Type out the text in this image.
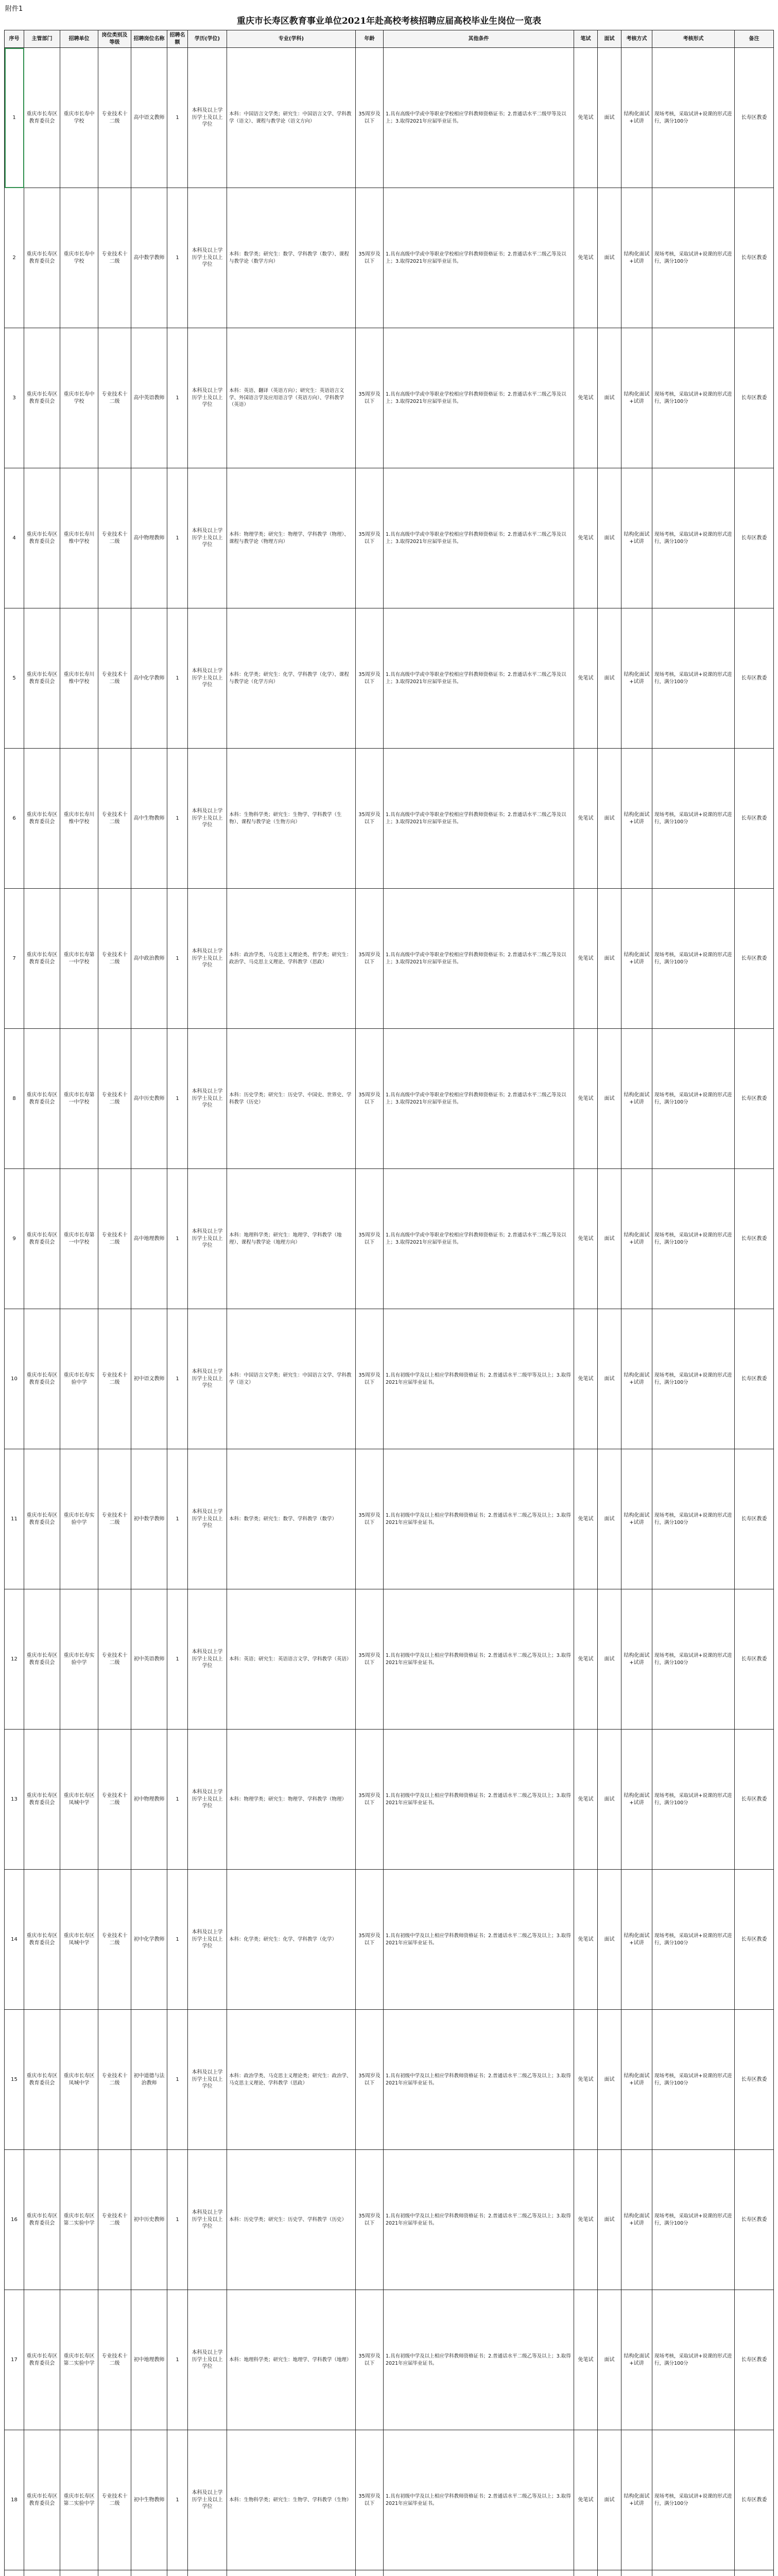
附件1
重庆市长寿区教育事业单位2021年赴高校考核招聘应届高校毕业生岗位一览表
序号	主管部门	招聘单位	岗位类别及等级	招聘岗位名称	招聘名额	学历(学位)	专业(学科)	年龄	其他条件	笔试	面试	考核方式	考核形式	备注
1	重庆市长寿区教育委员会	重庆市长寿中学校	专业技术十二级	高中语文教师	1	本科及以上学历学士及以上学位	本科：中国语言文学类；研究生：中国语言文学、学科教学（语文）、课程与教学论（语文方向）	35周岁及以下	1.具有高级中学或中等职业学校相应学科教师资格证书；2.普通话水平二级甲等及以上；3.取得2021年应届毕业证书。	免笔试	面试	结构化面试+试讲	现场考核，采取试讲+说课的形式进行，满分100分	长寿区教委
2	重庆市长寿区教育委员会	重庆市长寿中学校	专业技术十二级	高中数学教师	1	本科及以上学历学士及以上学位	本科：数学类；研究生：数学、学科教学（数学）、课程与教学论（数学方向）	35周岁及以下	1.具有高级中学或中等职业学校相应学科教师资格证书；2.普通话水平二级乙等及以上；3.取得2021年应届毕业证书。	免笔试	面试	结构化面试+试讲	现场考核，采取试讲+说课的形式进行，满分100分	长寿区教委
3	重庆市长寿区教育委员会	重庆市长寿中学校	专业技术十二级	高中英语教师	1	本科及以上学历学士及以上学位	本科：英语、翻译（英语方向）；研究生：英语语言文学、外国语言学及应用语言学（英语方向）、学科教学（英语）	35周岁及以下	1.具有高级中学或中等职业学校相应学科教师资格证书；2.普通话水平二级乙等及以上；3.取得2021年应届毕业证书。	免笔试	面试	结构化面试+试讲	现场考核，采取试讲+说课的形式进行，满分100分	长寿区教委
4	重庆市长寿区教育委员会	重庆市长寿川维中学校	专业技术十二级	高中物理教师	1	本科及以上学历学士及以上学位	本科：物理学类；研究生：物理学、学科教学（物理）、课程与教学论（物理方向）	35周岁及以下	1.具有高级中学或中等职业学校相应学科教师资格证书；2.普通话水平二级乙等及以上；3.取得2021年应届毕业证书。	免笔试	面试	结构化面试+试讲	现场考核，采取试讲+说课的形式进行，满分100分	长寿区教委
5	重庆市长寿区教育委员会	重庆市长寿川维中学校	专业技术十二级	高中化学教师	1	本科及以上学历学士及以上学位	本科：化学类；研究生：化学、学科教学（化学）、课程与教学论（化学方向）	35周岁及以下	1.具有高级中学或中等职业学校相应学科教师资格证书；2.普通话水平二级乙等及以上；3.取得2021年应届毕业证书。	免笔试	面试	结构化面试+试讲	现场考核，采取试讲+说课的形式进行，满分100分	长寿区教委
6	重庆市长寿区教育委员会	重庆市长寿川维中学校	专业技术十二级	高中生物教师	1	本科及以上学历学士及以上学位	本科：生物科学类；研究生：生物学、学科教学（生物）、课程与教学论（生物方向）	35周岁及以下	1.具有高级中学或中等职业学校相应学科教师资格证书；2.普通话水平二级乙等及以上；3.取得2021年应届毕业证书。	免笔试	面试	结构化面试+试讲	现场考核，采取试讲+说课的形式进行，满分100分	长寿区教委
7	重庆市长寿区教育委员会	重庆市长寿第一中学校	专业技术十二级	高中政治教师	1	本科及以上学历学士及以上学位	本科：政治学类、马克思主义理论类、哲学类；研究生：政治学、马克思主义理论、学科教学（思政）	35周岁及以下	1.具有高级中学或中等职业学校相应学科教师资格证书；2.普通话水平二级乙等及以上；3.取得2021年应届毕业证书。	免笔试	面试	结构化面试+试讲	现场考核，采取试讲+说课的形式进行，满分100分	长寿区教委
8	重庆市长寿区教育委员会	重庆市长寿第一中学校	专业技术十二级	高中历史教师	1	本科及以上学历学士及以上学位	本科：历史学类；研究生：历史学、中国史、世界史、学科教学（历史）	35周岁及以下	1.具有高级中学或中等职业学校相应学科教师资格证书；2.普通话水平二级乙等及以上；3.取得2021年应届毕业证书。	免笔试	面试	结构化面试+试讲	现场考核，采取试讲+说课的形式进行，满分100分	长寿区教委
9	重庆市长寿区教育委员会	重庆市长寿第一中学校	专业技术十二级	高中地理教师	1	本科及以上学历学士及以上学位	本科：地理科学类；研究生：地理学、学科教学（地理）、课程与教学论（地理方向）	35周岁及以下	1.具有高级中学或中等职业学校相应学科教师资格证书；2.普通话水平二级乙等及以上；3.取得2021年应届毕业证书。	免笔试	面试	结构化面试+试讲	现场考核，采取试讲+说课的形式进行，满分100分	长寿区教委
10	重庆市长寿区教育委员会	重庆市长寿实验中学	专业技术十二级	初中语文教师	1	本科及以上学历学士及以上学位	本科：中国语言文学类；研究生：中国语言文学、学科教学（语文）	35周岁及以下	1.具有初级中学及以上相应学科教师资格证书；2.普通话水平二级甲等及以上；3.取得2021年应届毕业证书。	免笔试	面试	结构化面试+试讲	现场考核，采取试讲+说课的形式进行，满分100分	长寿区教委
11	重庆市长寿区教育委员会	重庆市长寿实验中学	专业技术十二级	初中数学教师	1	本科及以上学历学士及以上学位	本科：数学类；研究生：数学、学科教学（数学）	35周岁及以下	1.具有初级中学及以上相应学科教师资格证书；2.普通话水平二级乙等及以上；3.取得2021年应届毕业证书。	免笔试	面试	结构化面试+试讲	现场考核，采取试讲+说课的形式进行，满分100分	长寿区教委
12	重庆市长寿区教育委员会	重庆市长寿实验中学	专业技术十二级	初中英语教师	1	本科及以上学历学士及以上学位	本科：英语；研究生：英语语言文学、学科教学（英语）	35周岁及以下	1.具有初级中学及以上相应学科教师资格证书；2.普通话水平二级乙等及以上；3.取得2021年应届毕业证书。	免笔试	面试	结构化面试+试讲	现场考核，采取试讲+说课的形式进行，满分100分	长寿区教委
13	重庆市长寿区教育委员会	重庆市长寿区凤城中学	专业技术十二级	初中物理教师	1	本科及以上学历学士及以上学位	本科：物理学类；研究生：物理学、学科教学（物理）	35周岁及以下	1.具有初级中学及以上相应学科教师资格证书；2.普通话水平二级乙等及以上；3.取得2021年应届毕业证书。	免笔试	面试	结构化面试+试讲	现场考核，采取试讲+说课的形式进行，满分100分	长寿区教委
14	重庆市长寿区教育委员会	重庆市长寿区凤城中学	专业技术十二级	初中化学教师	1	本科及以上学历学士及以上学位	本科：化学类；研究生：化学、学科教学（化学）	35周岁及以下	1.具有初级中学及以上相应学科教师资格证书；2.普通话水平二级乙等及以上；3.取得2021年应届毕业证书。	免笔试	面试	结构化面试+试讲	现场考核，采取试讲+说课的形式进行，满分100分	长寿区教委
15	重庆市长寿区教育委员会	重庆市长寿区凤城中学	专业技术十二级	初中道德与法治教师	1	本科及以上学历学士及以上学位	本科：政治学类、马克思主义理论类；研究生：政治学、马克思主义理论、学科教学（思政）	35周岁及以下	1.具有初级中学及以上相应学科教师资格证书；2.普通话水平二级乙等及以上；3.取得2021年应届毕业证书。	免笔试	面试	结构化面试+试讲	现场考核，采取试讲+说课的形式进行，满分100分	长寿区教委
16	重庆市长寿区教育委员会	重庆市长寿区第二实验中学	专业技术十二级	初中历史教师	1	本科及以上学历学士及以上学位	本科：历史学类；研究生：历史学、学科教学（历史）	35周岁及以下	1.具有初级中学及以上相应学科教师资格证书；2.普通话水平二级乙等及以上；3.取得2021年应届毕业证书。	免笔试	面试	结构化面试+试讲	现场考核，采取试讲+说课的形式进行，满分100分	长寿区教委
17	重庆市长寿区教育委员会	重庆市长寿区第二实验中学	专业技术十二级	初中地理教师	1	本科及以上学历学士及以上学位	本科：地理科学类；研究生：地理学、学科教学（地理）	35周岁及以下	1.具有初级中学及以上相应学科教师资格证书；2.普通话水平二级乙等及以上；3.取得2021年应届毕业证书。	免笔试	面试	结构化面试+试讲	现场考核，采取试讲+说课的形式进行，满分100分	长寿区教委
18	重庆市长寿区教育委员会	重庆市长寿区第二实验中学	专业技术十二级	初中生物教师	1	本科及以上学历学士及以上学位	本科：生物科学类；研究生：生物学、学科教学（生物）	35周岁及以下	1.具有初级中学及以上相应学科教师资格证书；2.普通话水平二级乙等及以上；3.取得2021年应届毕业证书。	免笔试	面试	结构化面试+试讲	现场考核，采取试讲+说课的形式进行，满分100分	长寿区教委
